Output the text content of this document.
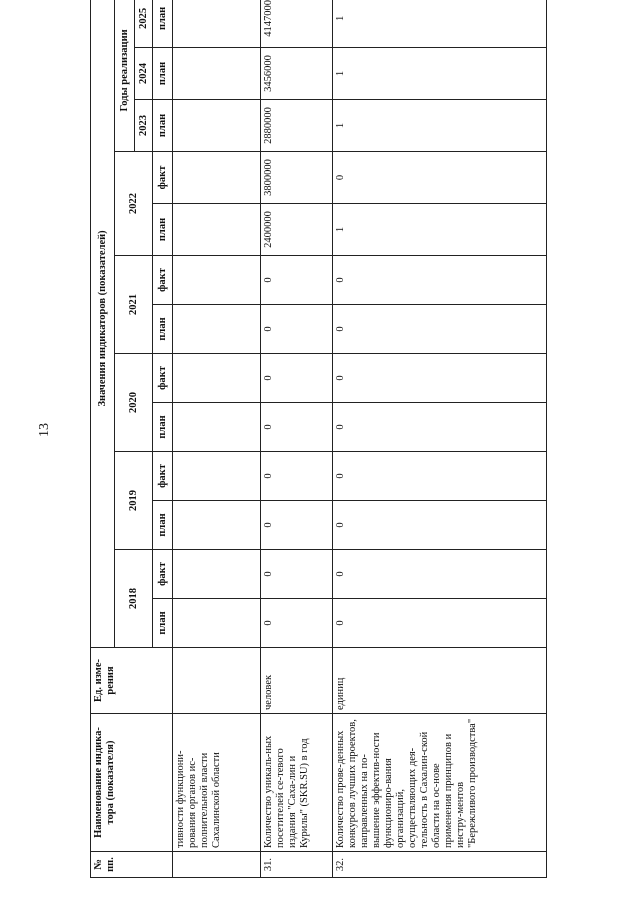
13
№ пп.	Наименование индика-тора (показателя)	Ед. изме-рения	Значения индикаторов (показателей)												
			2018		2019		2020		2021		2022		Годы реализации		
													2023	2024	2025
			план	факт	план	факт	план	факт	план	факт	план	факт	план	план	план
	тивности функциони-рования органов ис-полнительной власти Сахалинской области														
31.	Количество уникаль-ных посетителей се-тевого издания "Саха-лин и Курилы" (SKR.SU) в год	человек	0	0	0	0	0	0	0	0	2400000	3800000	2880000	3456000	4147000
32.	Количество прове-денных конкурсов лучших проектов, направленных на по-вышение эффектив-ности функциониро-вания организаций, осуществляющих дея-тельность в Сахалин-ской области на ос-нове применения принципов и инстру-ментов "Бережливого производства"	единиц	0	0	0	0	0	0	0	0	1	0	1	1	1
